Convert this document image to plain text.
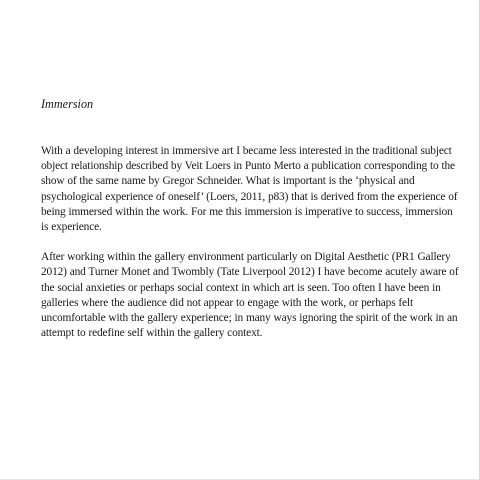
Immersion

With a developing interest in immersive art I became less interested in the traditional subject object relationship described by Veit Loers in Punto Merto a publication corresponding to the show of the same name by Gregor Schneider. What is important is the ‘physical and psychological experience of oneself’ (Loers, 2011, p83) that is derived from the experience of being immersed within the work. For me this immersion is imperative to success, immersion is experience.

After working within the gallery environment particularly on Digital Aesthetic (PR1 Gallery 2012) and Turner Monet and Twombly (Tate Liverpool 2012) I have become acutely aware of the social anxieties or perhaps social context in which art is seen. Too often I have been in galleries where the audience did not appear to engage with the work, or perhaps felt uncomfortable with the gallery experience; in many ways ignoring the spirit of the work in an attempt to redefine self within the gallery context.
